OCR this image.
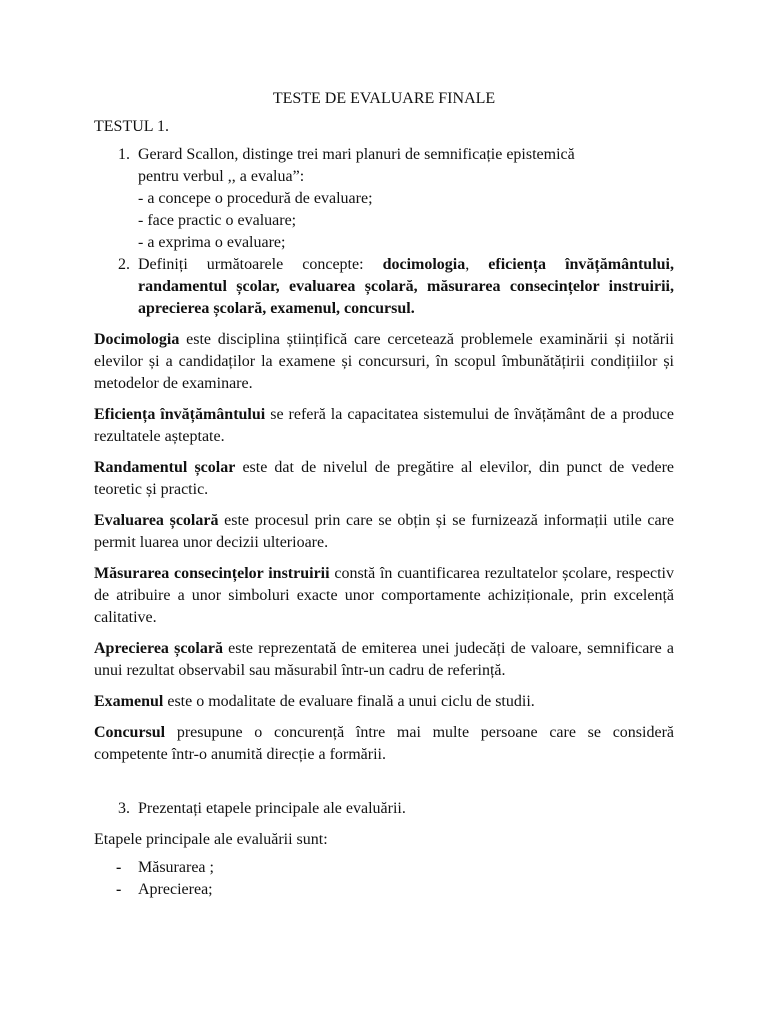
TESTE DE EVALUARE FINALE

TESTUL 1.

1. Gerard Scallon, distinge trei mari planuri de semnificație epistemică
pentru verbul ,, a evalua”:
- a concepe o procedură de evaluare;
- face practic o evaluare;
- a exprima o evaluare;
2. Definiți următoarele concepte: docimologia, eficiența învățământului, randamentul școlar, evaluarea școlară, măsurarea consecințelor instruirii, aprecierea școlară, examenul, concursul.

Docimologia este disciplina științifică care cercetează problemele examinării și notării elevilor și a candidaților la examene și concursuri, în scopul îmbunătățirii condițiilor și metodelor de examinare.

Eficiența învățământului se referă la capacitatea sistemului de învățământ de a produce rezultatele așteptate.

Randamentul școlar este dat de nivelul de pregătire al elevilor, din punct de vedere teoretic și practic.

Evaluarea școlară este procesul prin care se obțin și se furnizează informații utile care permit luarea unor decizii ulterioare.

Măsurarea consecințelor instruirii constă în cuantificarea rezultatelor școlare, respectiv de atribuire a unor simboluri exacte unor comportamente achiziționale, prin excelență calitative.

Aprecierea școlară este reprezentată de emiterea unei judecăți de valoare, semnificare a unui rezultat observabil sau măsurabil într-un cadru de referință.

Examenul este o modalitate de evaluare finală a unui ciclu de studii.

Concursul presupune o concurență între mai multe persoane care se consideră competente într-o anumită direcție a formării.

3. Prezentați etapele principale ale evaluării.

Etapele principale ale evaluării sunt:

- Măsurarea ;
- Aprecierea;
